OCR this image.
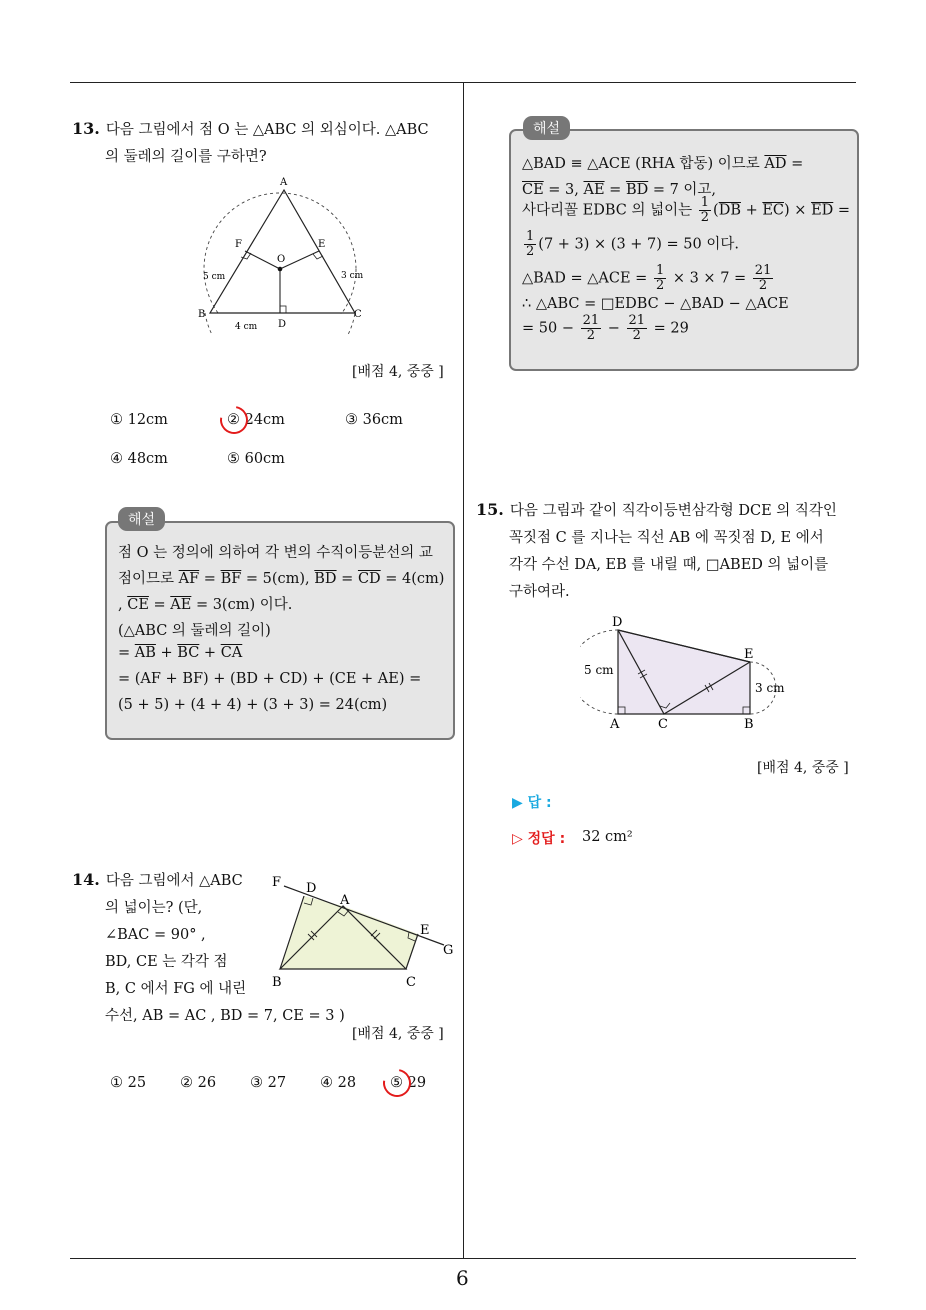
6
13. 다음 그림에서 점 O 는 △ABC 의 외심이다. △ABC
의 둘레의 길이를 구하면?
A
F	E
O
B	C
D
5 cm	3 cm
4 cm
[배점 4, 중중 ]
① 12cm	② 24cm	③ 36cm
④ 48cm	⑤ 60cm
해설
점 O 는 정의에 의하여 각 변의 수직이등분선의 교
점이므로 $\overline{AF} = \overline{BF} = 5(cm)$, $\overline{BD} = \overline{CD} = 4(cm)$
, $\overline{CE} = \overline{AE} = 3(cm)$ 이다.
(△ABC 의 둘레의 길이)
= $\overline{AB} + \overline{BC} + \overline{CA}$
= (AF + BF) + (BD + CD) + (CE + AE) =
(5 + 5) + (4 + 4) + (3 + 3) = 24(cm)
14. 다음 그림에서 △ABC
의 넓이는? (단,
∠BAC = 90° ,
BD, CE 는 각각 점
B, C 에서 FG 에 내린
수선, AB = AC , BD = 7, CE = 3 )
F D
A
E
G
B	C
[배점 4, 중중 ]
① 25 ② 26 ③ 27 ④ 28 ⑤ 29
해설
△BAD ≡ △ACE (RHA 합동) 이므로 $\overline{AD}$ =
$\overline{CE} = 3$, $\overline{AE} = \overline{BD} = 7$ 이고,
사다리꼴 EDBC 의 넓이는 $\frac{1}{2} (\overline{DB} + \overline{EC}) \times \overline{ED}$ =
$\frac{1}{2} (7 + 3) \times (3 + 7) = 50$ 이다.
△BAD = △ACE = $\frac{1}{2} \times 3 \times 7 = \frac{21}{2}$
∴ △ABC = □EDBC − △BAD − △ACE
= $50 - \frac{21}{2} - \frac{21}{2} = 29$
15. 다음 그림과 같이 직각이등변삼각형 DCE 의 직각인
꼭짓점 C 를 지나는 직선 AB 에 꼭짓점 D, E 에서
각각 수선 DA, EB 를 내릴 때, □ABED 의 넓이를
구하여라.
D
E
A	C	B
5 cm
3 cm
[배점 4, 중중 ]
▶ 답 :
▷ 정답 : 32 cm²
